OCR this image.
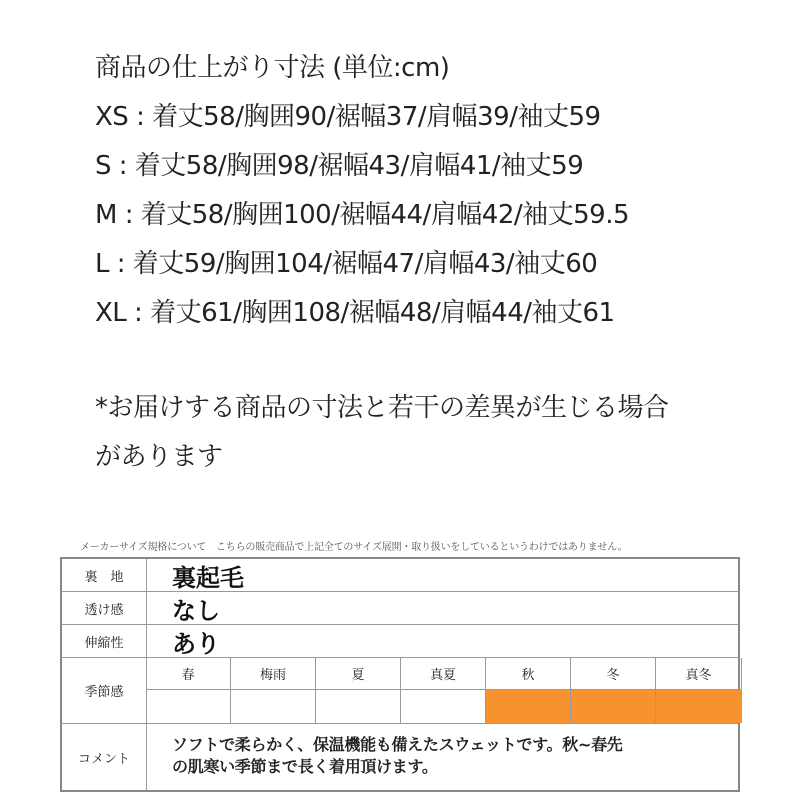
商品の仕上がり寸法 (単位:cm)
XS : 着丈58/胸囲90/裾幅37/肩幅39/袖丈59
S : 着丈58/胸囲98/裾幅43/肩幅41/袖丈59
M : 着丈58/胸囲100/裾幅44/肩幅42/袖丈59.5
L : 着丈59/胸囲104/裾幅47/肩幅43/袖丈60
XL : 着丈61/胸囲108/裾幅48/肩幅44/袖丈61
*お届けする商品の寸法と若干の差異が生じる場合
があります
メーカーサイズ規格について　こちらの販売商品で上記全てのサイズ展開・取り扱いをしているというわけではありません。
裏　地	裏起毛
透け感	なし
伸縮性	あり
季節感
春	梅雨	夏	真夏	秋	冬	真冬
コメント
ソフトで柔らかく、保温機能も備えたスウェットです。秋~春先
の肌寒い季節まで長く着用頂けます。
